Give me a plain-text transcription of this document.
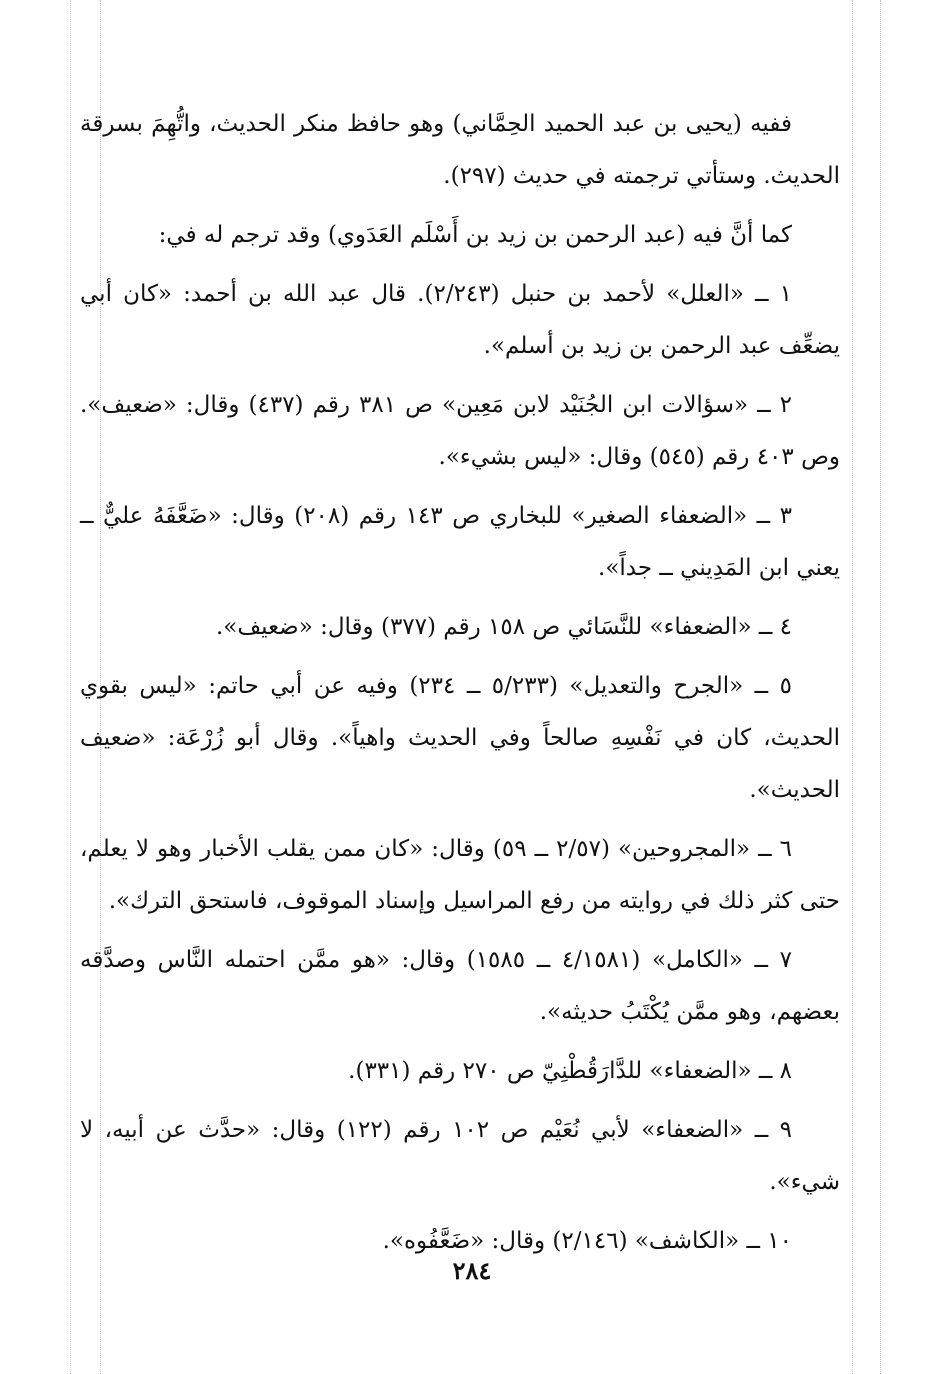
ففيه (يحيى بن عبد الحميد الحِمَّاني) وهو حافظ منكر الحديث، واتُّهِمَ بسرقة الحديث. وستأتي ترجمته في حديث (٢٩٧).

كما أنَّ فيه (عبد الرحمن بن زيد بن أَسْلَم العَدَوي) وقد ترجم له في:

١ ــ «العلل» لأحمد بن حنبل (٢/٢٤٣). قال عبد الله بن أحمد: «كان أبي يضعِّف عبد الرحمن بن زيد بن أسلم».

٢ ــ «سؤالات ابن الجُنَيْد لابن مَعِين» ص ٣٨١ رقم (٤٣٧) وقال: «ضعيف». وص ٤٠٣ رقم (٥٤٥) وقال: «ليس بشيء».

٣ ــ «الضعفاء الصغير» للبخاري ص ١٤٣ رقم (٢٠٨) وقال: «ضَعَّفَهُ عليٌّ ــ يعني ابن المَدِيني ــ جداً».

٤ ــ «الضعفاء» للنَّسَائي ص ١٥٨ رقم (٣٧٧) وقال: «ضعيف».

٥ ــ «الجرح والتعديل» (٥/٢٣٣ ــ ٢٣٤) وفيه عن أبي حاتم: «ليس بقوي الحديث، كان في نَفْسِهِ صالحاً وفي الحديث واهياً». وقال أبو زُرْعَة: «ضعيف الحديث».

٦ ــ «المجروحين» (٢/٥٧ ــ ٥٩) وقال: «كان ممن يقلب الأخبار وهو لا يعلم، حتى كثر ذلك في روايته من رفع المراسيل وإسناد الموقوف، فاستحق الترك».

٧ ــ «الكامل» (٤/١٥٨١ ــ ١٥٨٥) وقال: «هو ممَّن احتمله النَّاس وصدَّقه بعضهم، وهو ممَّن يُكْتَبُ حديثه».

٨ ــ «الضعفاء» للدَّارَقُطْنِيّ ص ٢٧٠ رقم (٣٣١).

٩ ــ «الضعفاء» لأبي نُعَيْم ص ١٠٢ رقم (١٢٢) وقال: «حدَّث عن أبيه، لا شيء».

١٠ ــ «الكاشف» (٢/١٤٦) وقال: «ضَعَّفُوه».

٢٨٤
